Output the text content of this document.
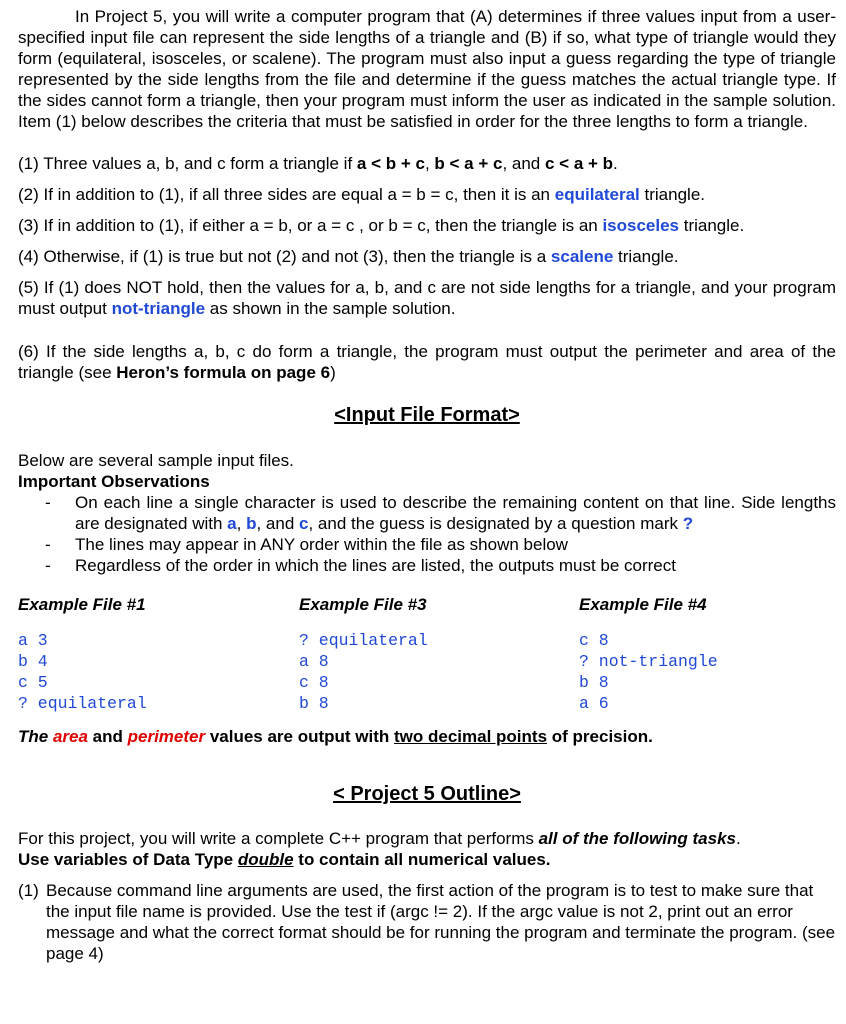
In Project 5, you will write a computer program that (A) determines if three values input from a user-specified input file can represent the side lengths of a triangle and (B) if so, what type of triangle would they form (equilateral, isosceles, or scalene). The program must also input a guess regarding the type of triangle represented by the side lengths from the file and determine if the guess matches the actual triangle type. If the sides cannot form a triangle, then your program must inform the user as indicated in the sample solution. Item (1) below describes the criteria that must be satisfied in order for the three lengths to form a triangle.

(1) Three values a, b, and c form a triangle if a < b + c, b < a + c, and c < a + b.

(2) If in addition to (1), if all three sides are equal a = b = c, then it is an equilateral triangle.

(3) If in addition to (1), if either a = b, or a = c , or b = c, then the triangle is an isosceles triangle.

(4) Otherwise, if (1) is true but not (2) and not (3), then the triangle is a scalene triangle.

(5) If (1) does NOT hold, then the values for a, b, and c are not side lengths for a triangle, and your program must output not-triangle as shown in the sample solution.

(6) If the side lengths a, b, c do form a triangle, the program must output the perimeter and area of the triangle (see Heron’s formula on page 6)

<Input File Format>

Below are several sample input files.

Important Observations

- On each line a single character is used to describe the remaining content on that line. Side lengths are designated with a, b, and c, and the guess is designated by a question mark ?
- The lines may appear in ANY order within the file as shown below
- Regardless of the order in which the lines are listed, the outputs must be correct
Example File #1	Example File #3	Example File #4
a 3	? equilateral	c 8
b 4	a 8	? not-triangle
c 5	c 8	b 8
? equilateral	b 8	a 6

The area and perimeter values are output with two decimal points of precision.

< Project 5 Outline>

For this project, you will write a complete C++ program that performs all of the following tasks.
Use variables of Data Type double to contain all numerical values.

(1) Because command line arguments are used, the first action of the program is to test to make sure that the input file name is provided. Use the test if (argc != 2). If the argc value is not 2, print out an error message and what the correct format should be for running the program and terminate the program. (see page 4)
